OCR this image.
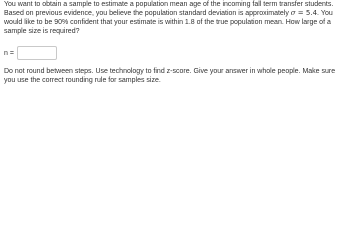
You want to obtain a sample to estimate a population mean age of the incoming fall term transfer students. Based on previous evidence, you believe the population standard deviation is approximately σ = 5.4. You would like to be 90% confident that your estimate is within 1.8 of the true population mean. How large of a sample size is required?

n =

Do not round between steps. Use technology to find z-score. Give your answer in whole people. Make sure you use the correct rounding rule for samples size.
